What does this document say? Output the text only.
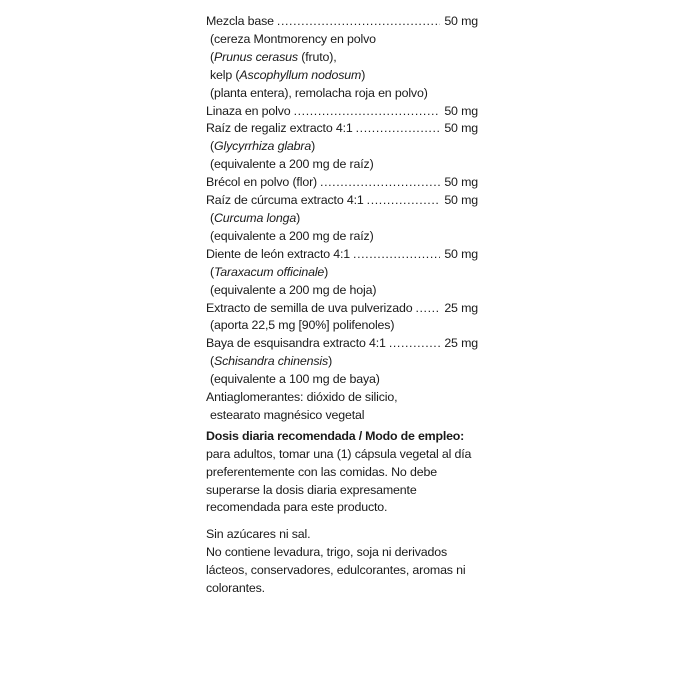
Mezcla base .....	50 mg
(cereza Montmorency en polvo
(Prunus cerasus (fruto),
kelp (Ascophyllum nodosum)
(planta entera), remolacha roja en polvo)
Linaza en polvo .....	50 mg
Raíz de regaliz extracto 4:1 .....	50 mg
(Glycyrrhiza glabra)
(equivalente a 200 mg de raíz)
Brécol en polvo (flor) .....	50 mg
Raíz de cúrcuma extracto 4:1 .....	50 mg
(Curcuma longa)
(equivalente a 200 mg de raíz)
Diente de león extracto 4:1 .....	50 mg
(Taraxacum officinale)
(equivalente a 200 mg de hoja)
Extracto de semilla de uva pulverizado .....	25 mg
(aporta 22,5 mg [90%] polifenoles)
Baya de esquisandra extracto 4:1 .....	25 mg
(Schisandra chinensis)
(equivalente a 100 mg de baya)
Antiaglomerantes: dióxido de silicio,
estearato magnésico vegetal
Dosis diaria recomendada / Modo de empleo:
para adultos, tomar una (1) cápsula vegetal al día
preferentemente con las comidas. No debe
superarse la dosis diaria expresamente
recomendada para este producto.
Sin azúcares ni sal.
No contiene levadura, trigo, soja ni derivados
lácteos, conservadores, edulcorantes, aromas ni
colorantes.
